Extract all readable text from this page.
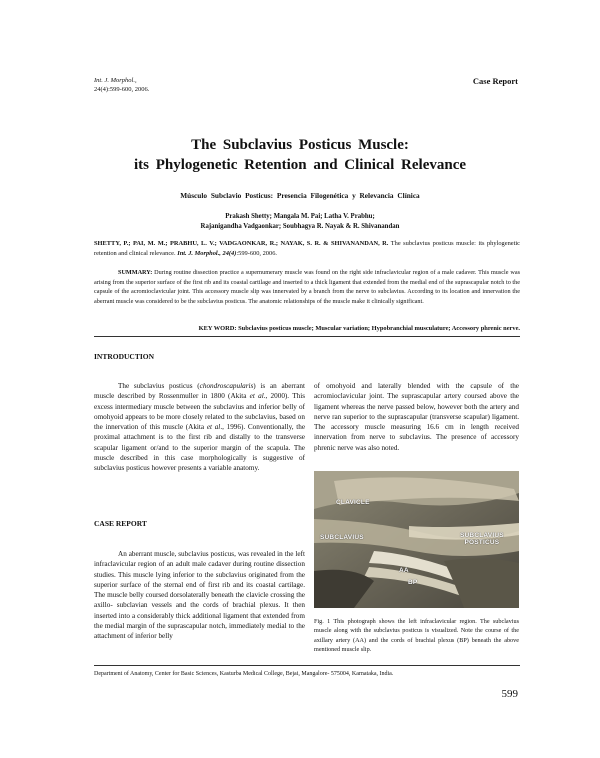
Int. J. Morphol.,
24(4):599-600, 2006.
Case Report
The Subclavius Posticus Muscle:
its Phylogenetic Retention and Clinical Relevance
Músculo Subclavio Posticus: Presencia Filogenética y Relevancia Clínica
Prakash Shetty; Mangala M. Pai; Latha V. Prabhu;
Rajanigandha Vadgaonkar; Soubhagya R. Nayak & R. Shivanandan
SHETTY, P.; PAI, M. M.; PRABHU, L. V.; VADGAONKAR, R.; NAYAK, S. R. & SHIVANANDAN, R. The subclavius posticus muscle: its phylogenetic retention and clinical relevance. Int. J. Morphol., 24(4):599-600, 2006.
SUMMARY: During routine dissection practice a supernumerary muscle was found on the right side infraclavicular region of a male cadaver. This muscle was arising from the superior surface of the first rib and its coastal cartilage and inserted to a thick ligament that extended from the medial end of the suprascapular notch to the capsule of the acromioclavicular joint. This accessory muscle slip was innervated by a branch from the nerve to subclavius. According to its location and innervation the aberrant muscle was considered to be the subclavius posticus. The anatomic relationships of the muscle make it clinically significant.
KEY WORD: Subclavius posticus muscle; Muscular variation; Hypobranchial musculature; Accessory phrenic nerve.
INTRODUCTION
The subclavius posticus (chondroscapularis) is an aberrant muscle described by Rossenmuller in 1800 (Akita et al., 2000). This excess intermediary muscle between the subclavius and inferior belly of omohyoid appears to be more closely related to the subclavius, based on the innervation of this muscle (Akita et al., 1996). Conventionally, the proximal attachment is to the first rib and distally to the transverse scapular ligament or/and to the superior margin of the scapula. The muscle described in this case morphologically is suggestive of subclavius posticus however presents a variable anatomy.
CASE REPORT
An aberrant muscle, subclavius posticus, was revealed in the left infraclavicular region of an adult male cadaver during routine dissection studies. This muscle lying inferior to the subclavius originated from the superior surface of the sternal end of first rib and its coastal cartilage. The muscle belly coursed dorsolaterally beneath the clavicle crossing the axillo- subclavian vessels and the cords of brachial plexus. It then inserted into a considerably thick additional ligament that extended from the medial margin of the suprascapular notch, immediately medial to the attachment of inferior belly
of omohyoid and laterally blended with the capsule of the acromioclavicular joint. The suprascapular artery coursed above the ligament whereas the nerve passed below, however both the artery and nerve ran superior to the suprascapular (transverse scapular) ligament. The accessory muscle measuring 16.6 cm in length received innervation from nerve to subclavius. The presence of accessory phrenic nerve was also noted.
CLAVICLE
SUBCLAVIUS	SUBCLAVIUS
POSTICUS
AA
BP
Fig. 1 This photograph shows the left infraclavicular region. The subclavius muscle along with the subclavius posticus is visualized. Note the course of the axillary artery (AA) and the cords of brachial plexus (BP) beneath the above mentioned muscle slip.
Department of Anatomy, Center for Basic Sciences, Kasturba Medical College, Bejai, Mangalore- 575004, Karnataka, India.
599
